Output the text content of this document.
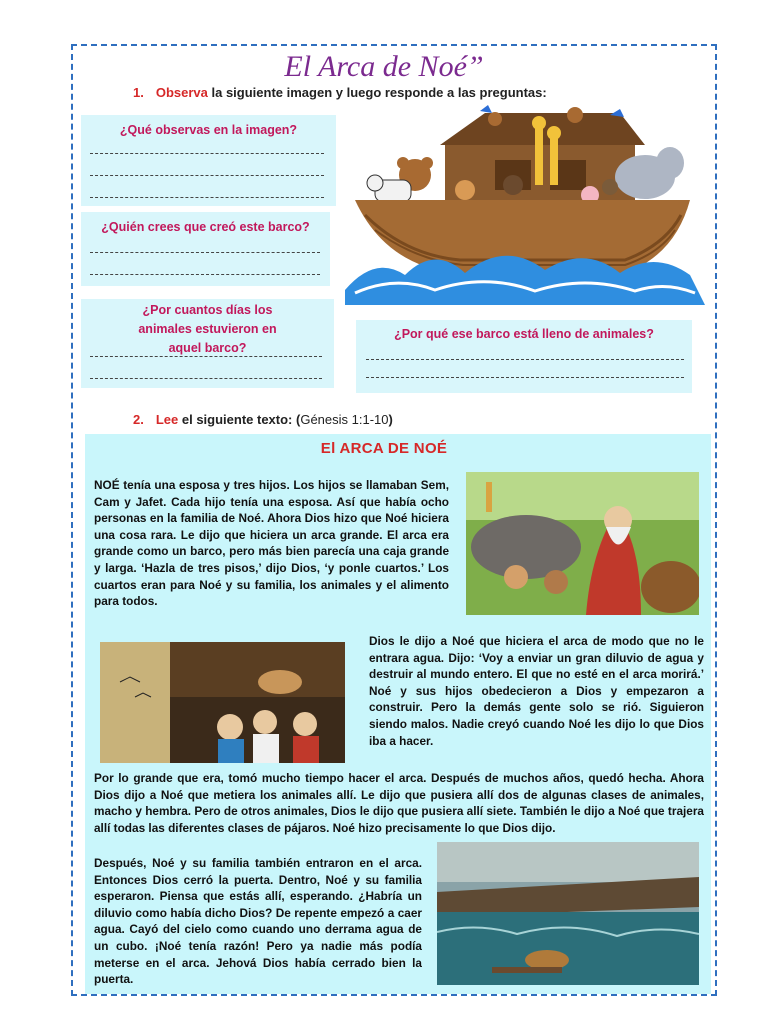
El Arca de Noé”
1. Observa la siguiente imagen y luego responde a las preguntas:
¿Qué observas en la imagen?
¿Quién crees que creó este barco?
¿Por cuantos días los animales estuvieron en aquel barco?
¿Por qué ese barco está lleno de animales?
2. Lee el siguiente texto: (Génesis 1:1-10)
El ARCA DE NOÉ
NOÉ tenía una esposa y tres hijos. Los hijos se llamaban Sem, Cam y Jafet. Cada hijo tenía una esposa. Así que había ocho personas en la familia de Noé. Ahora Dios hizo que Noé hiciera una cosa rara. Le dijo que hiciera un arca grande. El arca era grande como un barco, pero más bien parecía una caja grande y larga. ‘Hazla de tres pisos,’ dijo Dios, ‘y ponle cuartos.’ Los cuartos eran para Noé y su familia, los animales y el alimento para todos.
Dios le dijo a Noé que hiciera el arca de modo que no le entrara agua. Dijo: ‘Voy a enviar un gran diluvio de agua y destruir al mundo entero. El que no esté en el arca morirá.’ Noé y sus hijos obedecieron a Dios y empezaron a construir. Pero la demás gente solo se rió. Siguieron siendo malos. Nadie creyó cuando Noé les dijo lo que Dios iba a hacer.
Por lo grande que era, tomó mucho tiempo hacer el arca. Después de muchos años, quedó hecha. Ahora Dios dijo a Noé que metiera los animales allí. Le dijo que pusiera allí dos de algunas clases de animales, macho y hembra. Pero de otros animales, Dios le dijo que pusiera allí siete. También le dijo a Noé que trajera allí todas las diferentes clases de pájaros. Noé hizo precisamente lo que Dios dijo.
Después, Noé y su familia también entraron en el arca. Entonces Dios cerró la puerta. Dentro, Noé y su familia esperaron. Piensa que estás allí, esperando. ¿Habría un diluvio como había dicho Dios? De repente empezó a caer agua. Cayó del cielo como cuando uno derrama agua de un cubo. ¡Noé tenía razón! Pero ya nadie más podía meterse en el arca. Jehová Dios había cerrado bien la puerta.
